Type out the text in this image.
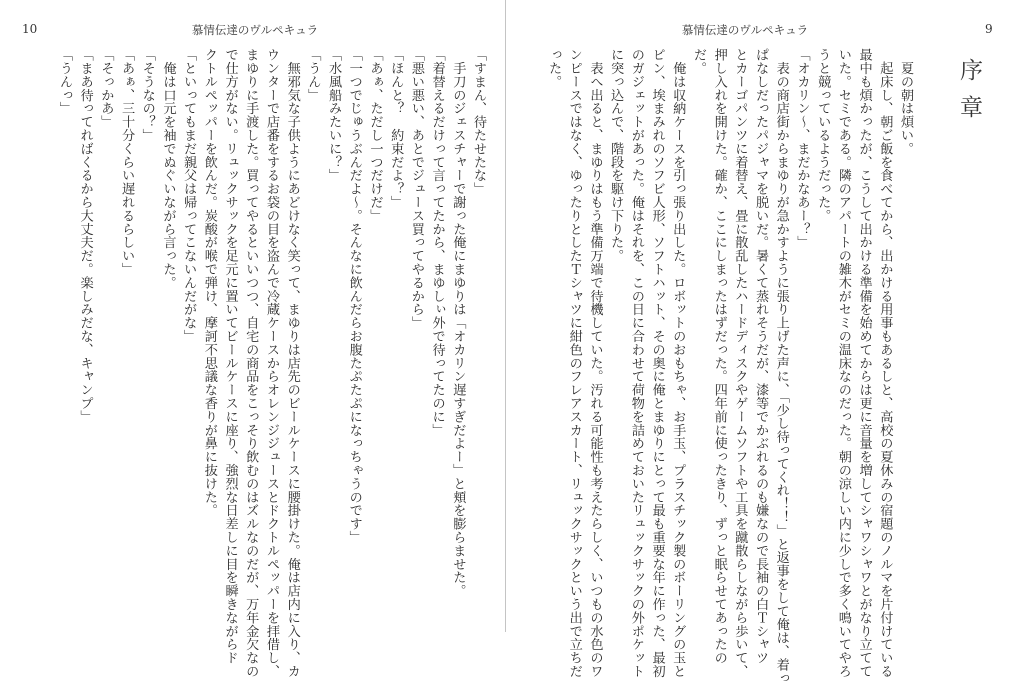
10	慕情伝達のヴルペキュラ	慕情伝達のヴルペキュラ	9
序章
　夏の朝は煩い。
　起床し、朝ご飯を食べてから、出かける用事もあるしと、高校の夏休みの宿題のノルマを片付けている
最中も煩かったが、こうして出かける準備を始めてからは更に音量を増してシャワシャワとがなり立てて
いた。セミである。隣のアパートの雑木がセミの温床なのだった。朝の涼しい内に少しで多く鳴いてやろ
うと競っているようだった。
「オカリン〜、まだかなあー？」
　表の商店街からまゆりが急かすように張り上げた声に、「少し待ってくれ！！」と返事をして俺は、着っ
ぱなしだったパジャマを脱いだ。暑くて蒸れそうだが、漆等でかぶれるのも嫌なので長袖の白Ｔシャツ
とカーゴパンツに着替え、畳に散乱したハードディスクやゲームソフトや工具を蹴散らしながら歩いて、
押し入れを開けた。確か、ここにしまったはずだった。四年前に使ったきり、ずっと眠らせてあったの
だ。
　俺は収納ケースを引っ張り出した。ロボットのおもちゃ、お手玉、プラスチック製のボーリングの玉と
ピン、埃まみれのソフビ人形、ソフトハット、その奥に俺とまゆりにとって最も重要な年に作った、最初
のガジェットがあった。俺はそれを、この日に合わせて荷物を詰めておいたリュックサックの外ポケット
に突っ込んで、階段を駆け下りた。
　表へ出ると、まゆりはもう準備万端で待機していた。汚れる可能性も考えたらしく、いつもの水色のワ
ンピースではなく、ゆったりとしたＴシャツに紺色のフレアスカート、リュックサックという出で立ちだ
った。
「すまん、待たせたな」
　手刀のジェスチャーで謝った俺にまゆりは「オカリン遅すぎだよー」と頬を膨らませた。
「着替えるだけって言ってたから、まゆしぃ外で待ってたのに」
「悪い悪い、あとでジュース買ってやるから」
「ほんと？　約束だよ？」
「あぁ、ただし一つだけだ」
「一つでじゅうぶんだよ〜。そんなに飲んだらお腹たぷたぷになっちゃうのです」
「水風船みたいに？」
「うん」
　無邪気な子供ようにあどけなく笑って、まゆりは店先のビールケースに腰掛けた。俺は店内に入り、カ
ウンターで店番をするお袋の目を盗んで冷蔵ケースからオレンジジュースとドクトルペッパーを拝借し、
まゆりに手渡した。買ってやるといいつつ、自宅の商品をこっそり飲むのはズルなのだが、万年金欠なの
で仕方がない。リュックサックを足元に置いてビールケースに座り、強烈な日差しに目を瞬きながらド
クトルペッパーを飲んだ。炭酸が喉で弾け、摩訶不思議な香りが鼻に抜けた。
「といってもまだ親父は帰ってこないんだがな」
　俺は口元を袖でぬぐいながら言った。
「そうなの？」
「あぁ、三十分くらい遅れるらしい」
「そっかあ」
「まあ待ってればくるから大丈夫だ。楽しみだな、キャンプ」
「うんっ」
